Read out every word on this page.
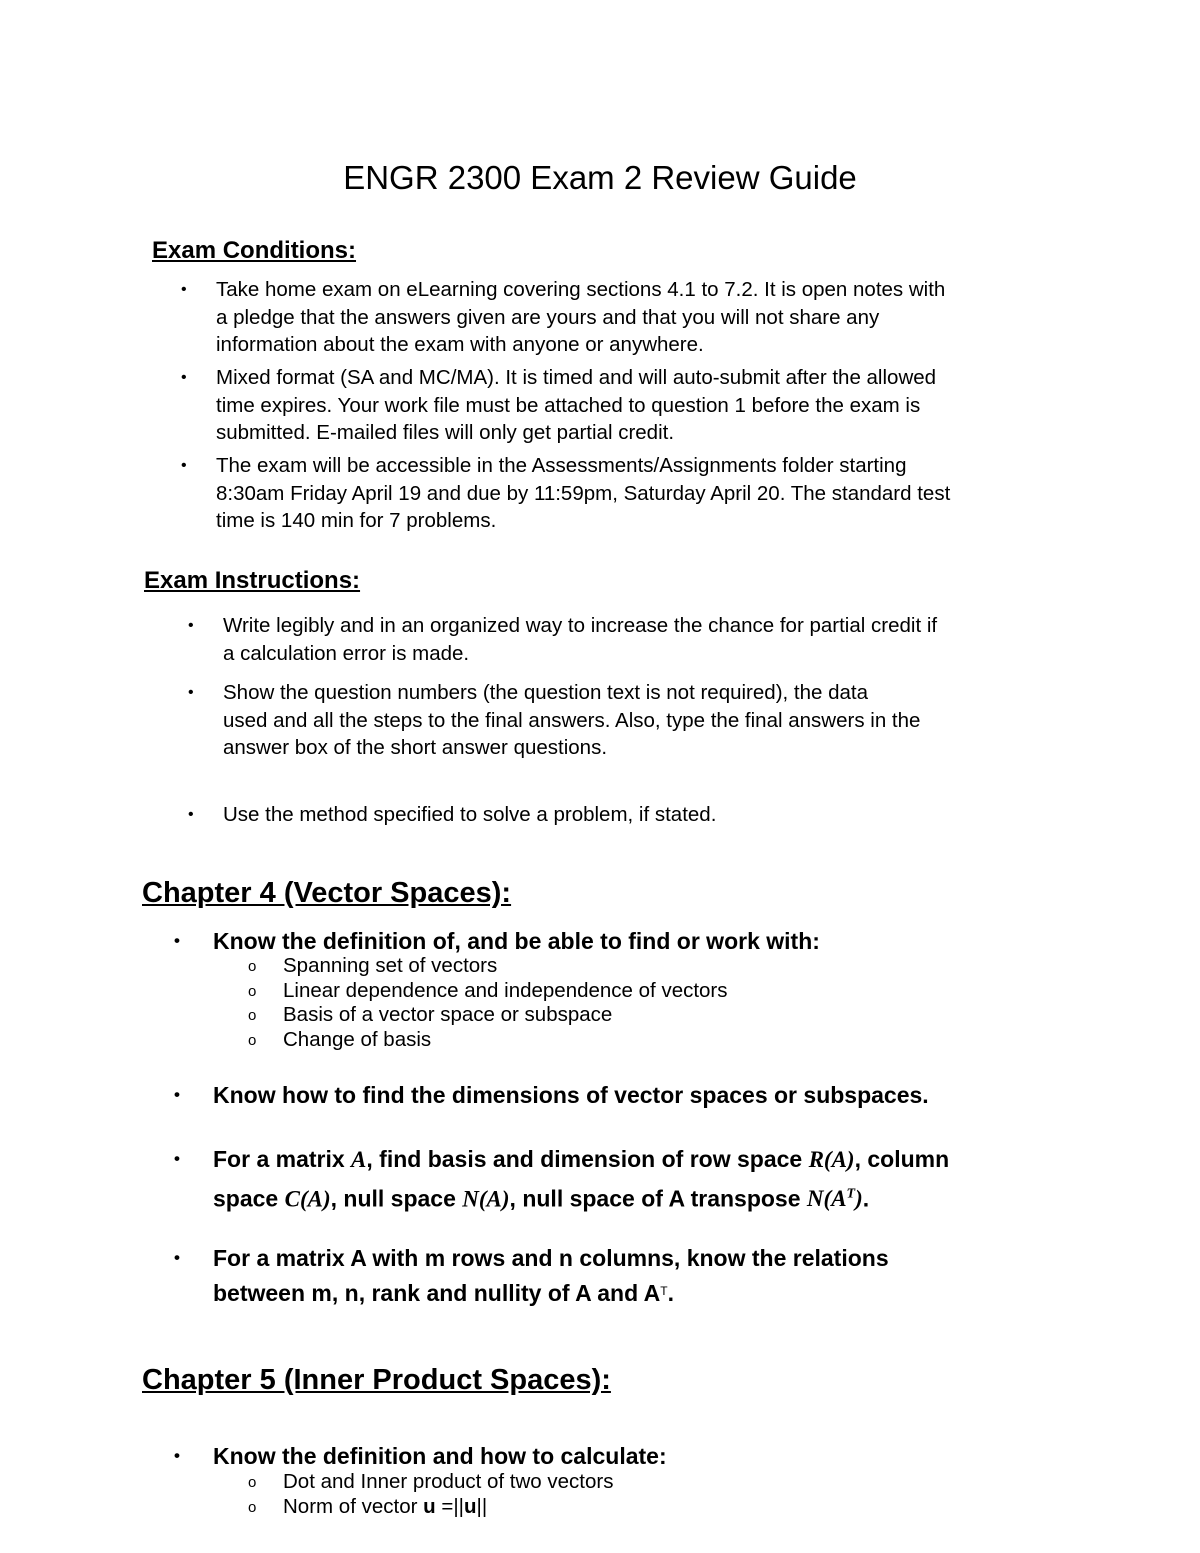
ENGR 2300 Exam 2 Review Guide
Exam Conditions:
• Take home exam on eLearning covering sections 4.1 to 7.2. It is open notes with
a pledge that the answers given are yours and that you will not share any
information about the exam with anyone or anywhere.
• Mixed format (SA and MC/MA). It is timed and will auto-submit after the allowed
time expires. Your work file must be attached to question 1 before the exam is
submitted. E-mailed files will only get partial credit.
• The exam will be accessible in the Assessments/Assignments folder starting
8:30am Friday April 19 and due by 11:59pm, Saturday April 20. The standard test
time is 140 min for 7 problems.
Exam Instructions:
• Write legibly and in an organized way to increase the chance for partial credit if
a calculation error is made.
• Show the question numbers (the question text is not required), the data
used and all the steps to the final answers. Also, type the final answers in the
answer box of the short answer questions.
• Use the method specified to solve a problem, if stated.
Chapter 4 (Vector Spaces):
• Know the definition of, and be able to find or work with:
o Spanning set of vectors
o Linear dependence and independence of vectors
o Basis of a vector space or subspace
o Change of basis
• Know how to find the dimensions of vector spaces or subspaces.
• For a matrix A, find basis and dimension of row space R(A), column
space C(A), null space N(A), null space of A transpose $N(A^T)$.
• For a matrix A with m rows and n columns, know the relations
between m, n, rank and nullity of A and $A^T$.
Chapter 5 (Inner Product Spaces):
• Know the definition and how to calculate:
o Dot and Inner product of two vectors
o Norm of vector u =||u||
